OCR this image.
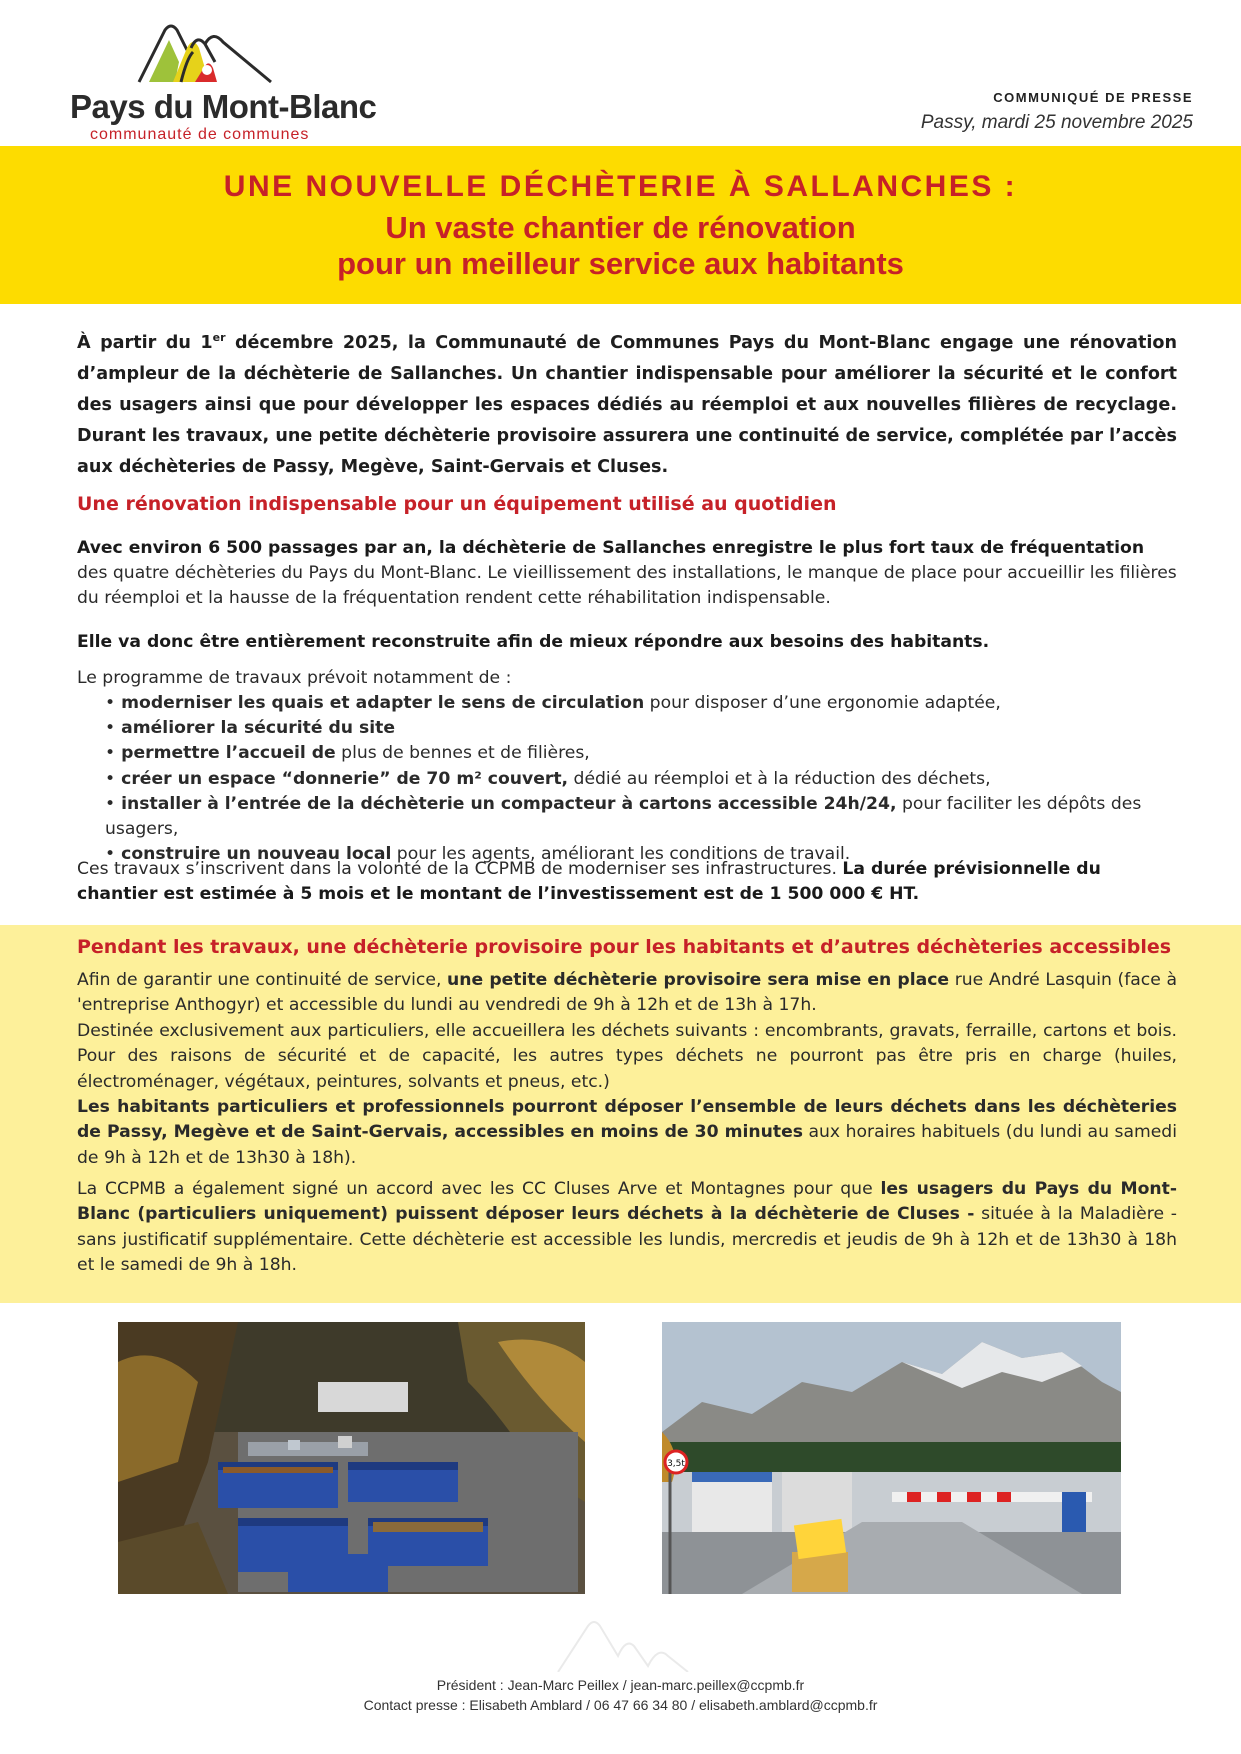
Pays du Mont-Blanc
communauté de communes
COMMUNIQUÉ DE PRESSE
Passy, mardi 25 novembre 2025
UNE NOUVELLE DÉCHÈTERIE À SALLANCHES :
Un vaste chantier de rénovation
pour un meilleur service aux habitants
À partir du 1er décembre 2025, la Communauté de Communes Pays du Mont-Blanc engage une rénovation d’ampleur de la déchèterie de Sallanches. Un chantier indispensable pour améliorer la sécurité et le confort des usagers ainsi que pour développer les espaces dédiés au réemploi et aux nouvelles filières de recyclage. Durant les travaux, une petite déchèterie provisoire assurera une continuité de service, complétée par l’accès aux déchèteries de Passy, Megève, Saint-Gervais et Cluses.
Une rénovation indispensable pour un équipement utilisé au quotidien
Avec environ 6 500 passages par an, la déchèterie de Sallanches enregistre le plus fort taux de fréquentation des quatre déchèteries du Pays du Mont-Blanc. Le vieillissement des installations, le manque de place pour accueillir les filières du réemploi et la hausse de la fréquentation rendent cette réhabilitation indispensable.
Elle va donc être entièrement reconstruite afin de mieux répondre aux besoins des habitants.
Le programme de travaux prévoit notamment de :
• moderniser les quais et adapter le sens de circulation pour disposer d’une ergonomie adaptée,
• améliorer la sécurité du site
• permettre l’accueil de plus de bennes et de filières,
• créer un espace “donnerie” de 70 m² couvert, dédié au réemploi et à la réduction des déchets,
• installer à l’entrée de la déchèterie un compacteur à cartons accessible 24h/24, pour faciliter les dépôts des usagers,
• construire un nouveau local pour les agents, améliorant les conditions de travail.
Ces travaux s’inscrivent dans la volonté de la CCPMB de moderniser ses infrastructures. La durée prévisionnelle du chantier est estimée à 5 mois et le montant de l’investissement est de 1 500 000 € HT.
Pendant les travaux, une déchèterie provisoire pour les habitants et d’autres déchèteries accessibles
Afin de garantir une continuité de service, une petite déchèterie provisoire sera mise en place rue André Lasquin (face à 'entreprise Anthogyr) et accessible du lundi au vendredi de 9h à 12h et de 13h à 17h.
Destinée exclusivement aux particuliers, elle accueillera les déchets suivants : encombrants, gravats, ferraille, cartons et bois. Pour des raisons de sécurité et de capacité, les autres types déchets ne pourront pas être pris en charge (huiles, électroménager, végétaux, peintures, solvants et pneus, etc.)
Les habitants particuliers et professionnels pourront déposer l’ensemble de leurs déchets dans les déchèteries de Passy, Megève et de Saint-Gervais, accessibles en moins de 30 minutes aux horaires habituels (du lundi au samedi de 9h à 12h et de 13h30 à 18h).
La CCPMB a également signé un accord avec les CC Cluses Arve et Montagnes pour que les usagers du Pays du Mont-Blanc (particuliers uniquement) puissent déposer leurs déchets à la déchèterie de Cluses - située à la Maladière - sans justificatif supplémentaire. Cette déchèterie est accessible les lundis, mercredis et jeudis de 9h à 12h et de 13h30 à 18h et le samedi de 9h à 18h.
3,5t
Président : Jean-Marc Peillex / jean-marc.peillex@ccpmb.fr
Contact presse : Elisabeth Amblard / 06 47 66 34 80 / elisabeth.amblard@ccpmb.fr
